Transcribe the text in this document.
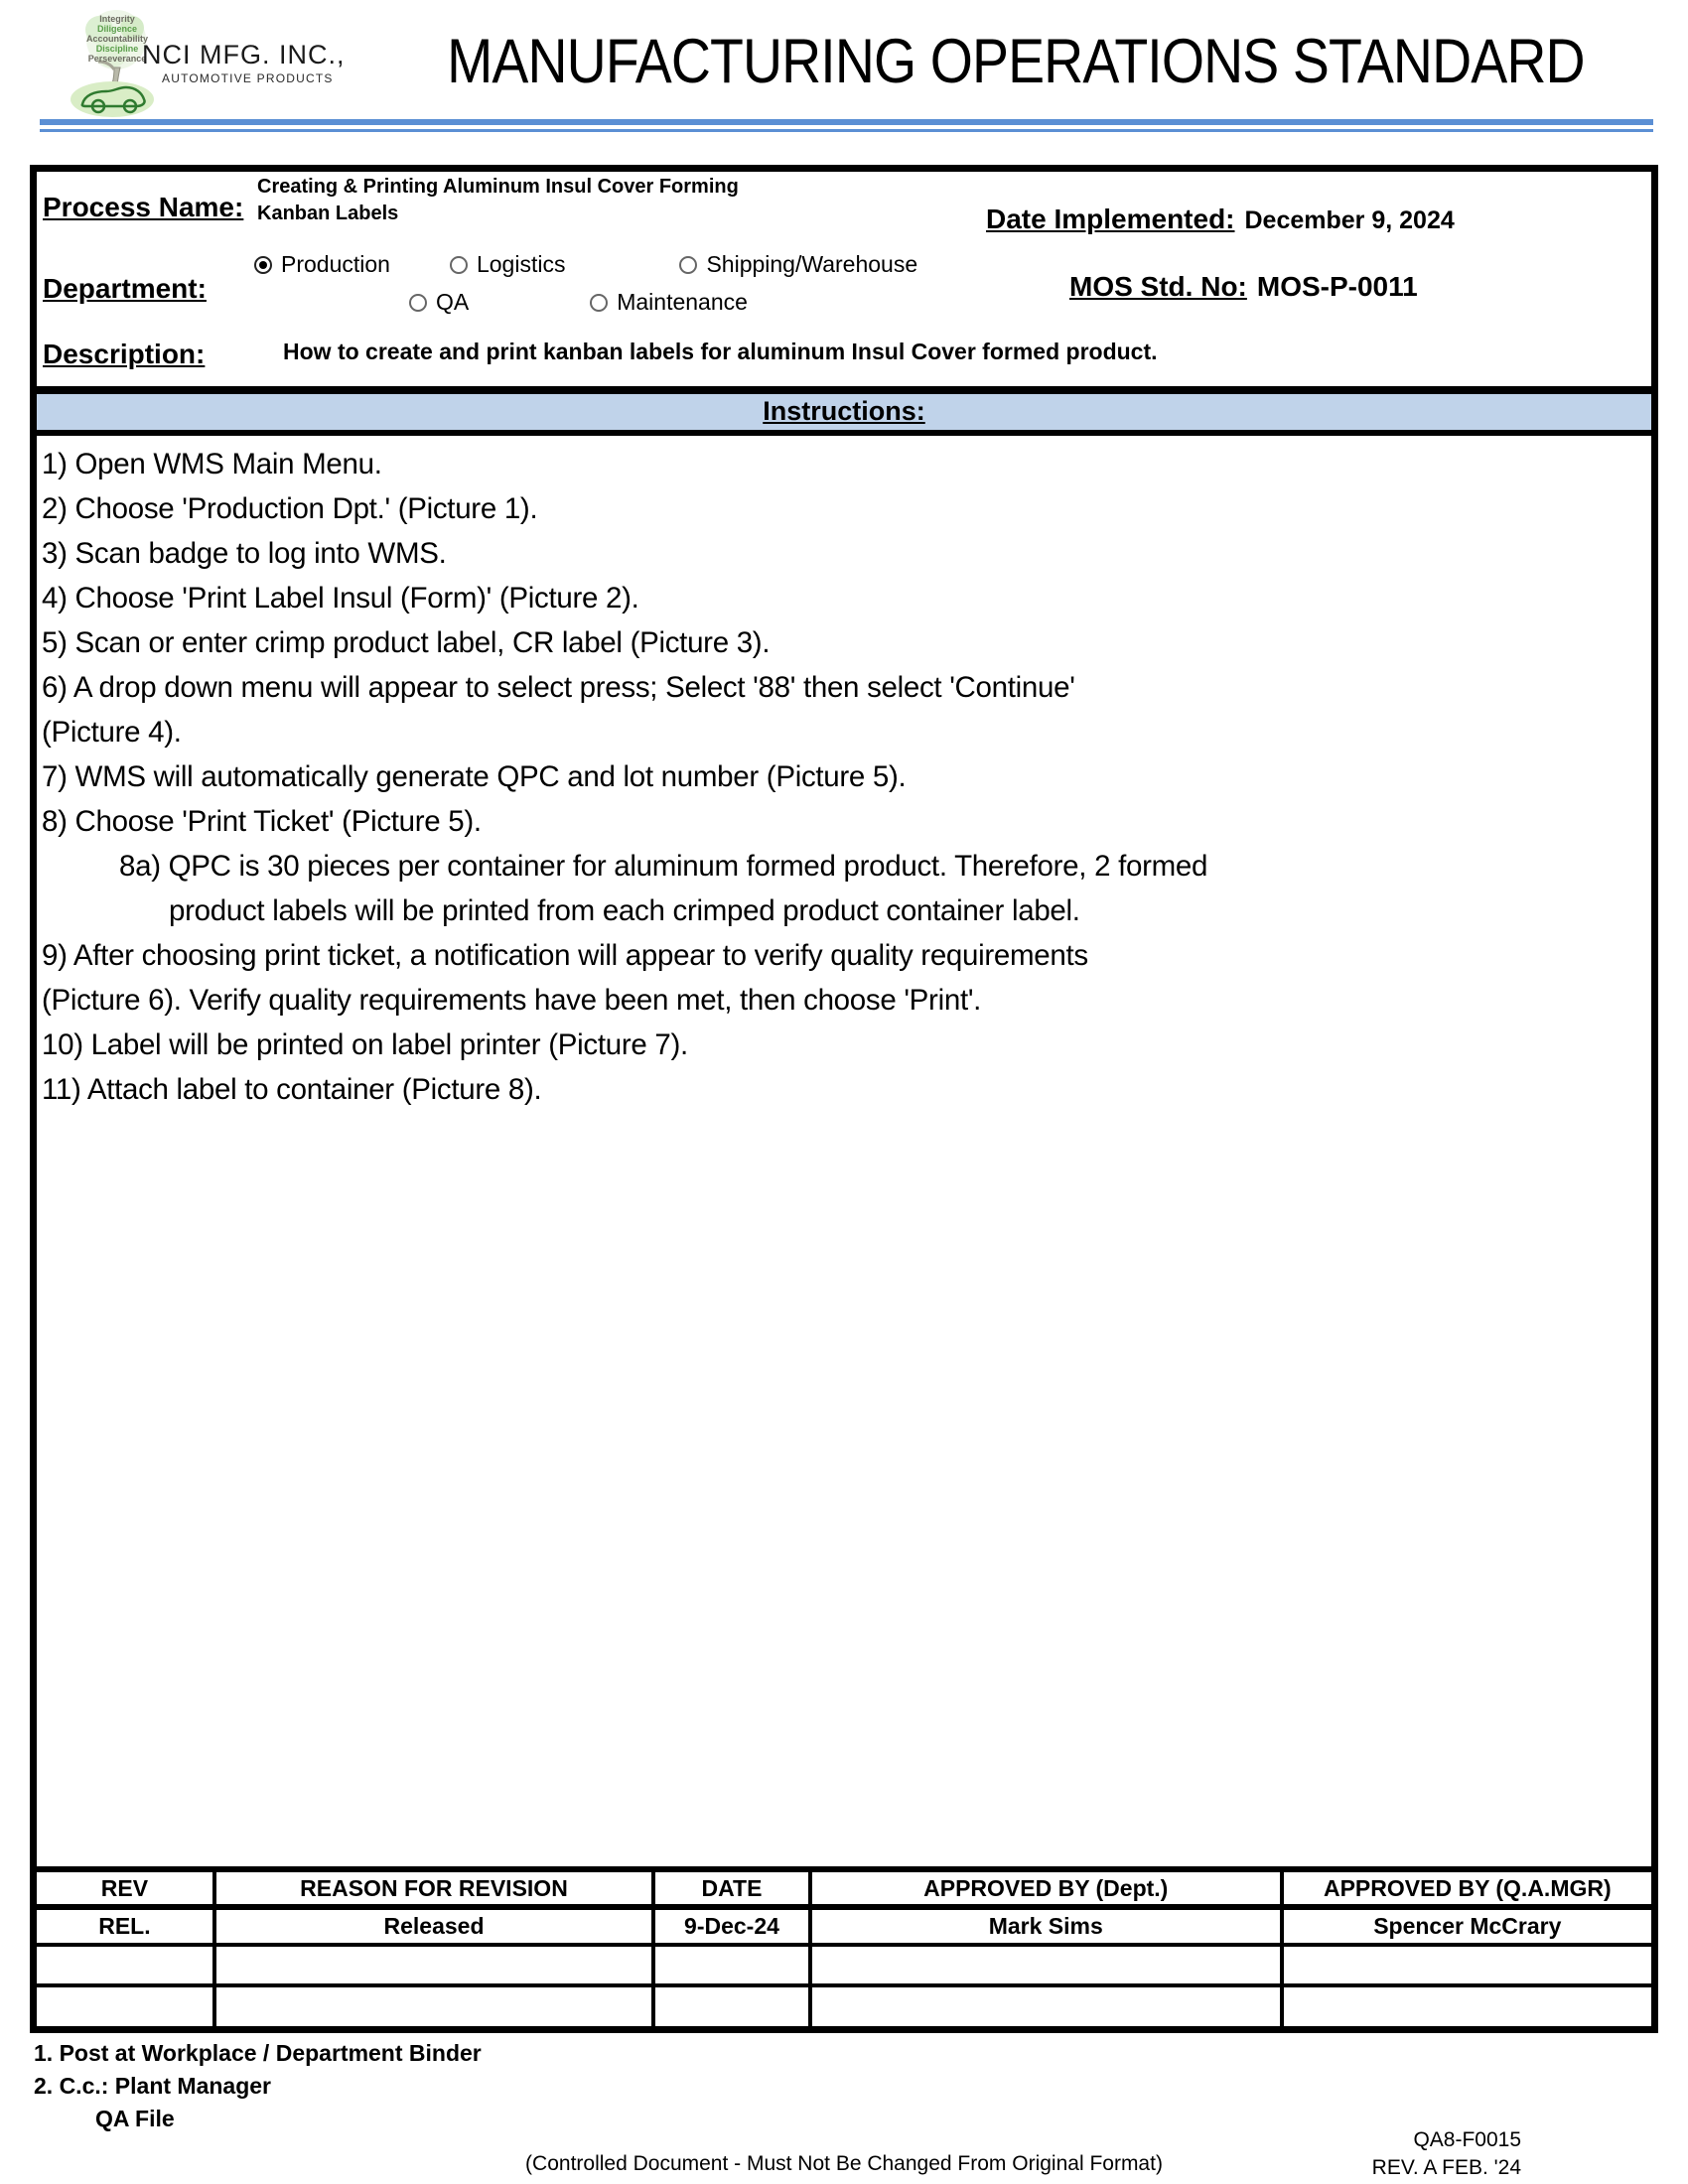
Integrity
Diligence
Accountability
Discipline
Perseverance
NCI MFG. INC.,
AUTOMOTIVE PRODUCTS	MANUFACTURING OPERATIONS STANDARD
Process Name:
Creating & Printing Aluminum Insul Cover Forming
Kanban Labels	Date Implemented: December 9, 2024
Department:
Production	Logistics	Shipping/Warehouse
QA	Maintenance	MOS Std. No: MOS-P-0011
Description:	How to create and print kanban labels for aluminum Insul Cover formed product.
Instructions:
1) Open WMS Main Menu.
2) Choose 'Production Dpt.' (Picture 1).
3) Scan badge to log into WMS.
4) Choose 'Print Label Insul (Form)' (Picture 2).
5) Scan or enter crimp product label, CR label (Picture 3).
6) A drop down menu will appear to select press; Select '88' then select 'Continue'
(Picture 4).
7) WMS will automatically generate QPC and lot number (Picture 5).
8) Choose 'Print Ticket' (Picture 5).
8a) QPC is 30 pieces per container for aluminum formed product. Therefore, 2 formed
product labels will be printed from each crimped product container label.
9) After choosing print ticket, a notification will appear to verify quality requirements
(Picture 6). Verify quality requirements have been met, then choose 'Print'.
10) Label will be printed on label printer (Picture 7).
11) Attach label to container (Picture 8).
REV	REASON FOR REVISION	DATE	APPROVED BY (Dept.)	APPROVED BY (Q.A.MGR)
REL.	Released	9-Dec-24	Mark Sims	Spencer McCrary

1. Post at Workplace / Department Binder
2. C.c.: Plant Manager
QA File
QA8-F0015
REV. A FEB. '24
(Controlled Document - Must Not Be Changed From Original Format)
